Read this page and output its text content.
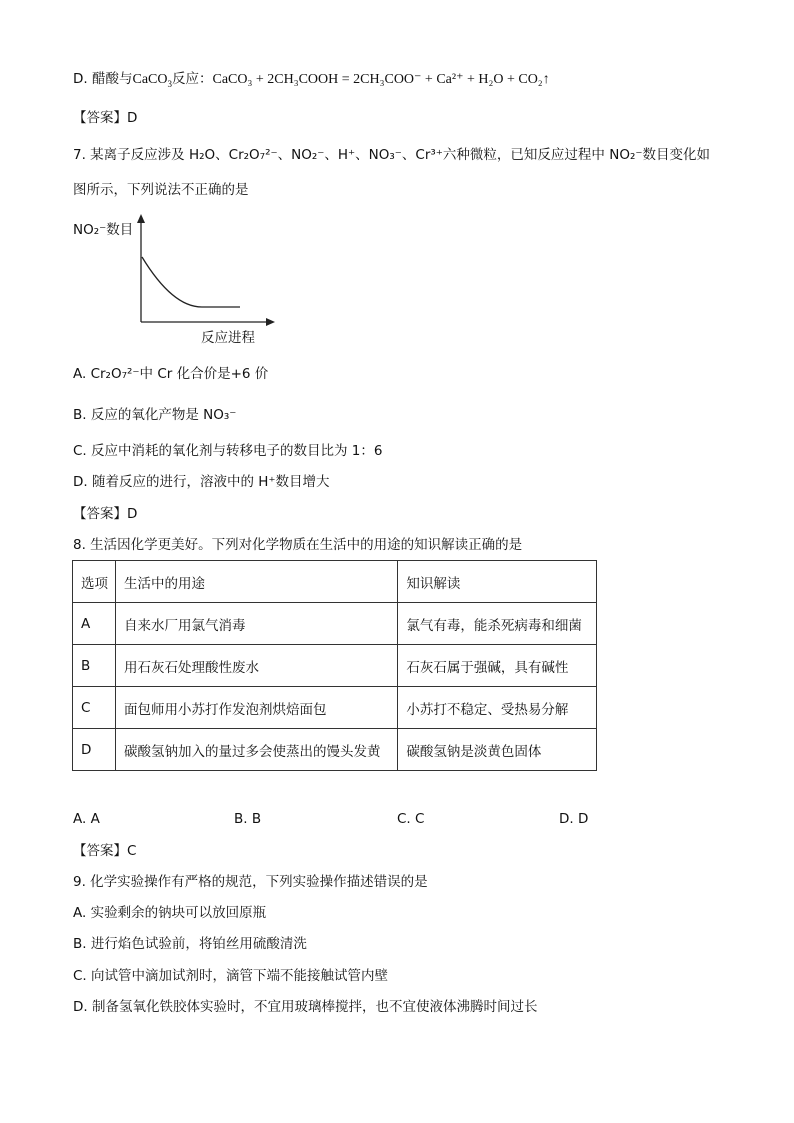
D. 醋酸与CaCO$_3$反应：CaCO₃ + 2CH₃COOH = 2CH₃COO⁻ + Ca²⁺ + H₂O + CO₂↑
【答案】D
7. 某离子反应涉及 H₂O、Cr₂O₇²⁻、NO₂⁻、H⁺、NO₃⁻、Cr³⁺六种微粒，已知反应过程中 NO₂⁻数目变化如
图所示，下列说法不正确的是
NO₂⁻数目
反应进程
A. Cr₂O₇²⁻中 Cr 化合价是+6 价
B. 反应的氧化产物是 NO₃⁻
C. 反应中消耗的氧化剂与转移电子的数目比为 1：6
D. 随着反应的进行，溶液中的 H⁺数目增大
【答案】D
8. 生活因化学更美好。下列对化学物质在生活中的用途的知识解读正确的是
选项	生活中的用途	知识解读
A	自来水厂用氯气消毒	氯气有毒，能杀死病毒和细菌
B	用石灰石处理酸性废水	石灰石属于强碱，具有碱性
C	面包师用小苏打作发泡剂烘焙面包	小苏打不稳定、受热易分解
D	碳酸氢钠加入的量过多会使蒸出的馒头发黄	碳酸氢钠是淡黄色固体
A. A	B. B	C. C	D. D
【答案】C
9. 化学实验操作有严格的规范，下列实验操作描述错误的是
A. 实验剩余的钠块可以放回原瓶
B. 进行焰色试验前，将铂丝用硫酸清洗
C. 向试管中滴加试剂时，滴管下端不能接触试管内壁
D. 制备氢氧化铁胶体实验时，不宜用玻璃棒搅拌，也不宜使液体沸腾时间过长
